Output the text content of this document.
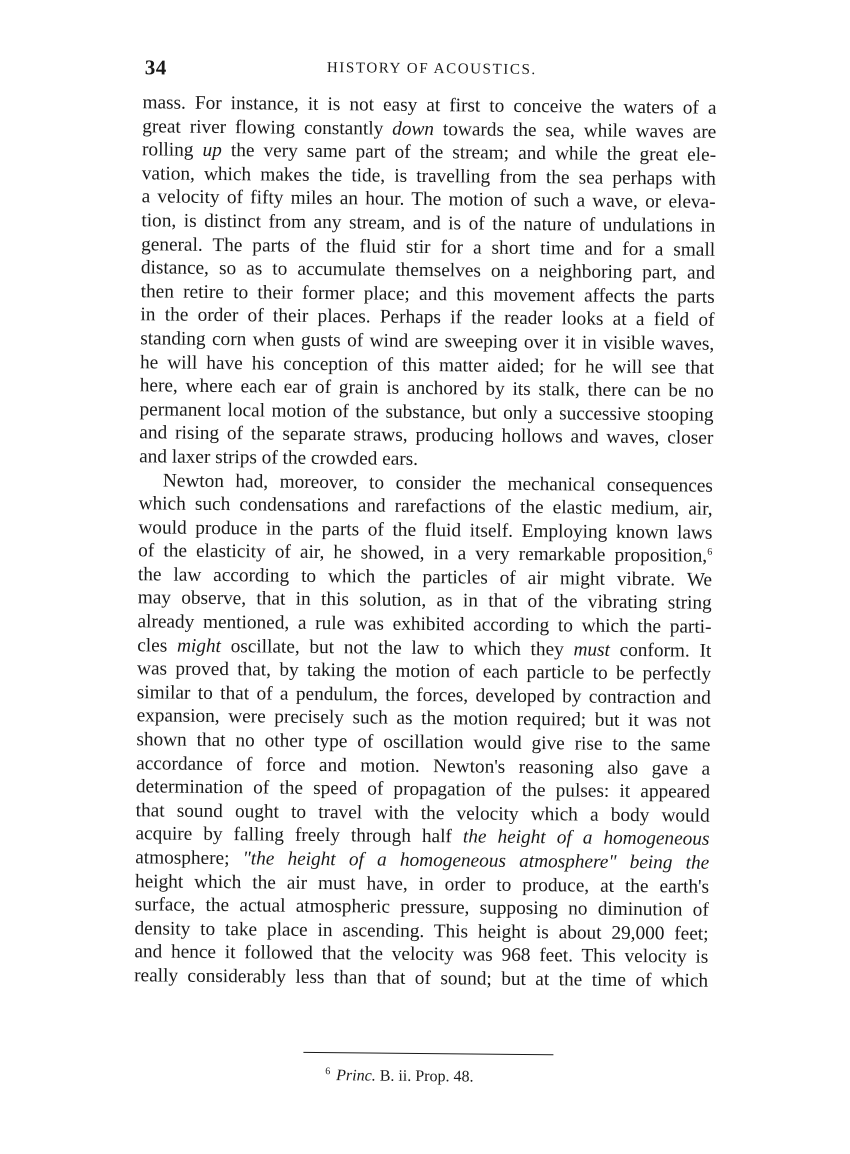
34	HISTORY OF ACOUSTICS.
mass. For instance, it is not easy at first to conceive the waters of a
great river flowing constantly down towards the sea, while waves are
rolling up the very same part of the stream; and while the great ele-
vation, which makes the tide, is travelling from the sea perhaps with
a velocity of fifty miles an hour. The motion of such a wave, or eleva-
tion, is distinct from any stream, and is of the nature of undulations in
general. The parts of the fluid stir for a short time and for a small
distance, so as to accumulate themselves on a neighboring part, and
then retire to their former place; and this movement affects the parts
in the order of their places. Perhaps if the reader looks at a field of
standing corn when gusts of wind are sweeping over it in visible waves,
he will have his conception of this matter aided; for he will see that
here, where each ear of grain is anchored by its stalk, there can be no
permanent local motion of the substance, but only a successive stooping
and rising of the separate straws, producing hollows and waves, closer
and laxer strips of the crowded ears.
Newton had, moreover, to consider the mechanical consequences
which such condensations and rarefactions of the elastic medium, air,
would produce in the parts of the fluid itself. Employing known laws
of the elasticity of air, he showed, in a very remarkable proposition,$^6$
the law according to which the particles of air might vibrate. We
may observe, that in this solution, as in that of the vibrating string
already mentioned, a rule was exhibited according to which the parti-
cles might oscillate, but not the law to which they must conform. It
was proved that, by taking the motion of each particle to be perfectly
similar to that of a pendulum, the forces, developed by contraction and
expansion, were precisely such as the motion required; but it was not
shown that no other type of oscillation would give rise to the same
accordance of force and motion. Newton's reasoning also gave a
determination of the speed of propagation of the pulses: it appeared
that sound ought to travel with the velocity which a body would
acquire by falling freely through half the height of a homogeneous
atmosphere; "the height of a homogeneous atmosphere" being the
height which the air must have, in order to produce, at the earth's
surface, the actual atmospheric pressure, supposing no diminution of
density to take place in ascending. This height is about 29,000 feet;
and hence it followed that the velocity was 968 feet. This velocity is
really considerably less than that of sound; but at the time of which
$^6$ Princ. B. ii. Prop. 48.
